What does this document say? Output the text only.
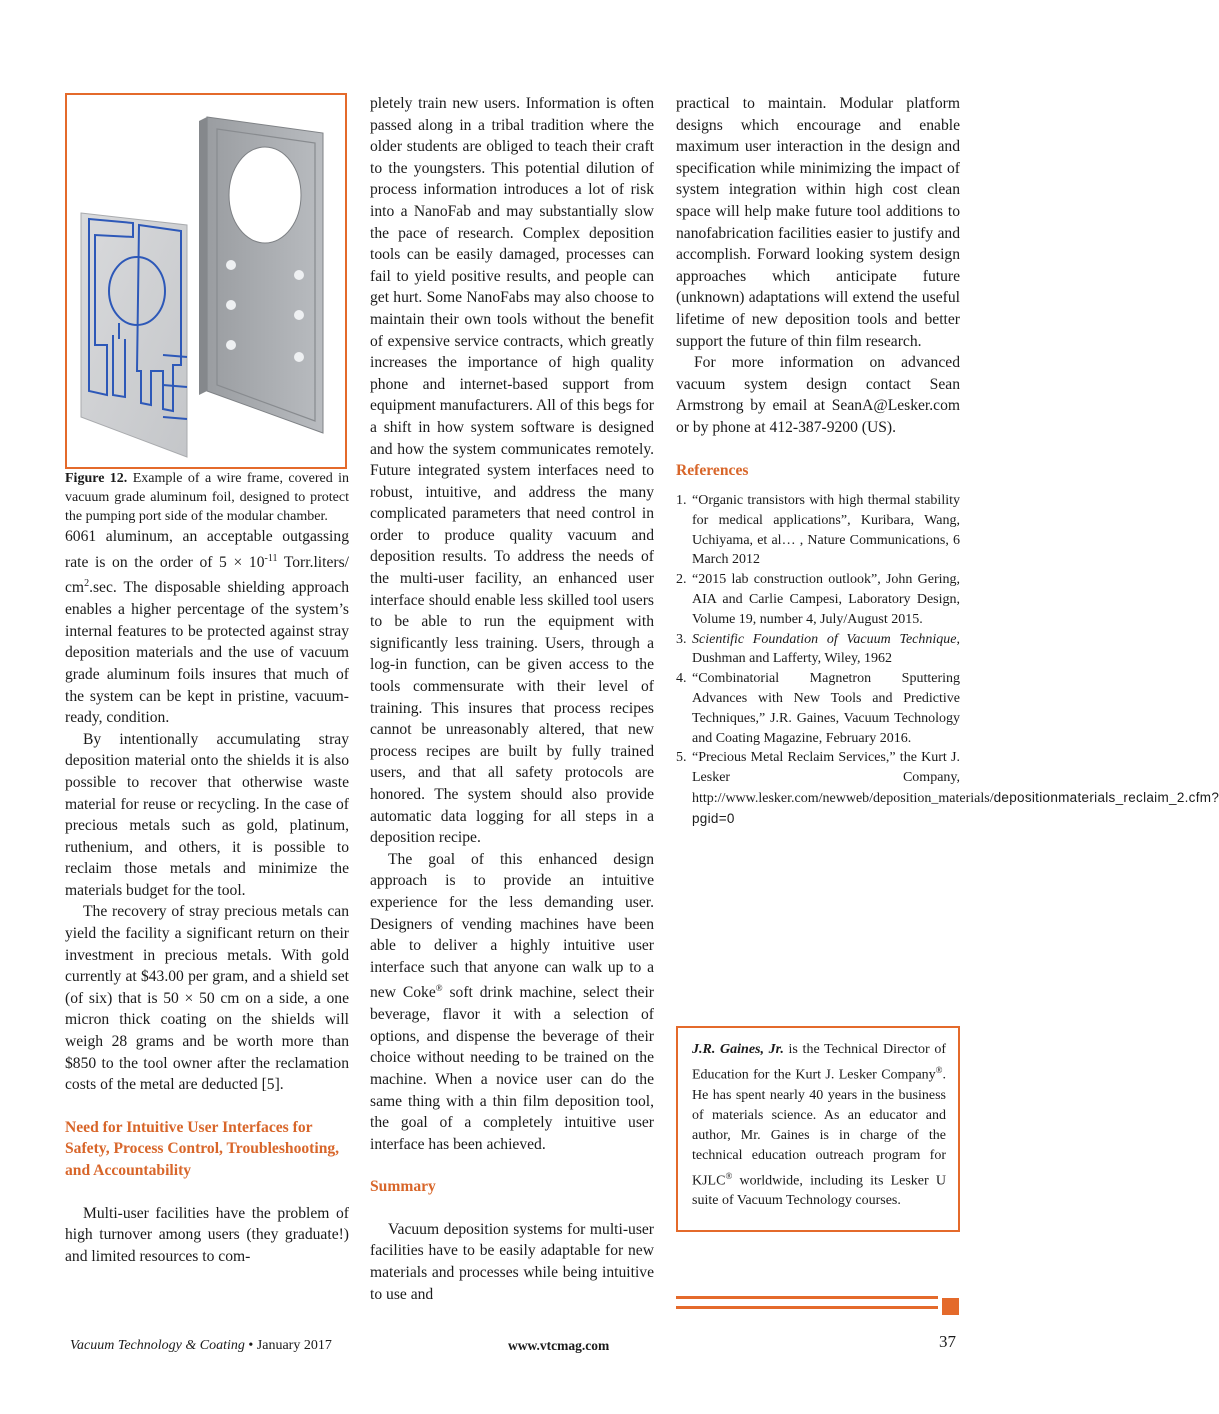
Figure 12. Example of a wire frame, covered in vacuum grade aluminum foil, designed to protect the pumping port side of the modular chamber.

6061 aluminum, an acceptable outgassing rate is on the order of $5 \times 10^{-11}$ Torr.liters/ $cm^2.\sec$. The disposable shielding approach enables a higher percentage of the system’s internal features to be protected against stray deposition materials and the use of vacuum grade aluminum foils insures that much of the system can be kept in pristine, vacuum-ready, condition.

By intentionally accumulating stray deposition material onto the shields it is also possible to recover that otherwise waste material for reuse or recycling. In the case of precious metals such as gold, platinum, ruthenium, and others, it is possible to reclaim those metals and minimize the materials budget for the tool.

The recovery of stray precious metals can yield the facility a significant return on their investment in precious metals. With gold currently at $43.00 per gram, and a shield set (of six) that is 50 × 50 cm on a side, a one micron thick coating on the shields will weigh 28 grams and be worth more than $850 to the tool owner after the reclamation costs of the metal are deducted [5].

Need for Intuitive User Interfaces for Safety, Process Control, Troubleshooting, and Accountability

Multi-user facilities have the problem of high turnover among users (they graduate!) and limited resources to com-

pletely train new users. Information is often passed along in a tribal tradition where the older students are obliged to teach their craft to the youngsters. This potential dilution of process information introduces a lot of risk into a NanoFab and may substantially slow the pace of research. Complex deposition tools can be easily damaged, processes can fail to yield positive results, and people can get hurt. Some NanoFabs may also choose to maintain their own tools without the benefit of expensive service contracts, which greatly increases the importance of high quality phone and internet-based support from equipment manufacturers. All of this begs for a shift in how system software is designed and how the system communicates remotely. Future integrated system interfaces need to robust, intuitive, and address the many complicated parameters that need control in order to produce quality vacuum and deposition results. To address the needs of the multi-user facility, an enhanced user interface should enable less skilled tool users to be able to run the equipment with significantly less training. Users, through a log-in function, can be given access to the tools commensurate with their level of training. This insures that process recipes cannot be unreasonably altered, that new process recipes are built by fully trained users, and that all safety protocols are honored. The system should also provide automatic data logging for all steps in a deposition recipe.

The goal of this enhanced design approach is to provide an intuitive experience for the less demanding user. Designers of vending machines have been able to deliver a highly intuitive user interface such that anyone can walk up to a new Coke® soft drink machine, select their beverage, flavor it with a selection of options, and dispense the beverage of their choice without needing to be trained on the machine. When a novice user can do the same thing with a thin film deposition tool, the goal of a completely intuitive user interface has been achieved.

Summary

Vacuum deposition systems for multi-user facilities have to be easily adaptable for new materials and processes while being intuitive to use and

practical to maintain. Modular platform designs which encourage and enable maximum user interaction in the design and specification while minimizing the impact of system integration within high cost clean space will help make future tool additions to nanofabrication facilities easier to justify and accomplish. Forward looking system design approaches which anticipate future (unknown) adaptations will extend the useful lifetime of new deposition tools and better support the future of thin film research.

For more information on advanced vacuum system design contact Sean Armstrong by email at SeanA@Lesker.com or by phone at 412-387-9200 (US).

References

1. “Organic transistors with high thermal stability for medical applications”, Kuribara, Wang, Uchiyama, et al… , Nature Communications, 6 March 2012
2. “2015 lab construction outlook”, John Gering, AIA and Carlie Campesi, Laboratory Design, Volume 19, number 4, July/August 2015.
3. Scientific Foundation of Vacuum Technique, Dushman and Lafferty, Wiley, 1962
4. “Combinatorial Magnetron Sputtering Advances with New Tools and Predictive Techniques,” J.R. Gaines, Vacuum Technology and Coating Magazine, February 2016.
5. “Precious Metal Reclaim Services,” the Kurt J. Lesker Company, http://www.lesker.com/newweb/deposition_materials/depositionmaterials_reclaim_2.cfm?pgid=0
J.R. Gaines, Jr. is the Technical Director of Education for the Kurt J. Lesker Company®. He has spent nearly 40 years in the business of materials science. As an educator and author, Mr. Gaines is in charge of the technical education outreach program for KJLC® worldwide, including its Lesker U suite of Vacuum Technology courses.
Vacuum Technology & Coating • January 2017	www.vtcmag.com	37
